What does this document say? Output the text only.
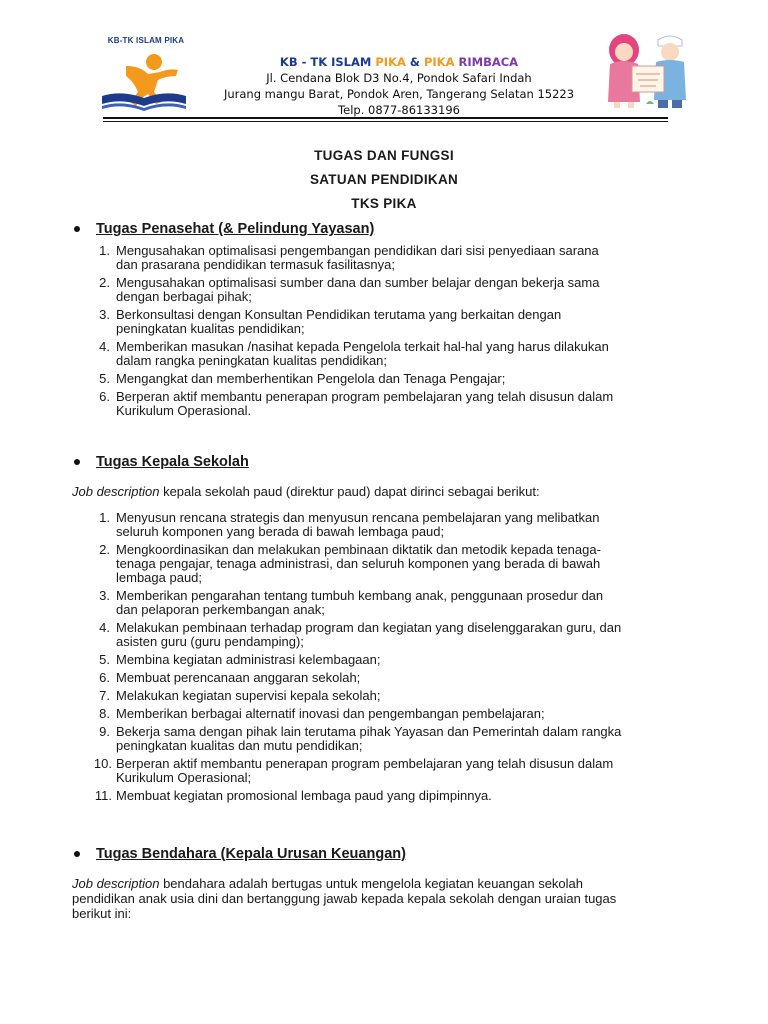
KB-TK ISLAM PIKA
KB - TK ISLAM PIKA & PIKA RIMBACA
Jl. Cendana Blok D3 No.4, Pondok Safari Indah
Jurang mangu Barat, Pondok Aren, Tangerang Selatan 15223
Telp. 0877-86133196
TUGAS DAN FUNGSI
SATUAN PENDIDIKAN
TKS PIKA
Tugas Penasehat (& Pelindung Yayasan)
1. Mengusahakan optimalisasi pengembangan pendidikan dari sisi penyediaan sarana
dan prasarana pendidikan termasuk fasilitasnya;
2. Mengusahakan optimalisasi sumber dana dan sumber belajar dengan bekerja sama
dengan berbagai pihak;
3. Berkonsultasi dengan Konsultan Pendidikan terutama yang berkaitan dengan
peningkatan kualitas pendidikan;
4. Memberikan masukan /nasihat kepada Pengelola terkait hal-hal yang harus dilakukan
dalam rangka peningkatan kualitas pendidikan;
5. Mengangkat dan memberhentikan Pengelola dan Tenaga Pengajar;
6. Berperan aktif membantu penerapan program pembelajaran yang telah disusun dalam
Kurikulum Operasional.
Tugas Kepala Sekolah
Job description kepala sekolah paud (direktur paud) dapat dirinci sebagai berikut:
1. Menyusun rencana strategis dan menyusun rencana pembelajaran yang melibatkan
seluruh komponen yang berada di bawah lembaga paud;
2. Mengkoordinasikan dan melakukan pembinaan diktatik dan metodik kepada tenaga-
tenaga pengajar, tenaga administrasi, dan seluruh komponen yang berada di bawah
lembaga paud;
3. Memberikan pengarahan tentang tumbuh kembang anak, penggunaan prosedur dan
dan pelaporan perkembangan anak;
4. Melakukan pembinaan terhadap program dan kegiatan yang diselenggarakan guru, dan
asisten guru (guru pendamping);
5. Membina kegiatan administrasi kelembagaan;
6. Membuat perencanaan anggaran sekolah;
7. Melakukan kegiatan supervisi kepala sekolah;
8. Memberikan berbagai alternatif inovasi dan pengembangan pembelajaran;
9. Bekerja sama dengan pihak lain terutama pihak Yayasan dan Pemerintah dalam rangka
peningkatan kualitas dan mutu pendidikan;
10. Berperan aktif membantu penerapan program pembelajaran yang telah disusun dalam
Kurikulum Operasional;
11. Membuat kegiatan promosional lembaga paud yang dipimpinnya.
Tugas Bendahara (Kepala Urusan Keuangan)
Job description bendahara adalah bertugas untuk mengelola kegiatan keuangan sekolah
pendidikan anak usia dini dan bertanggung jawab kepada kepala sekolah dengan uraian tugas
berikut ini:
